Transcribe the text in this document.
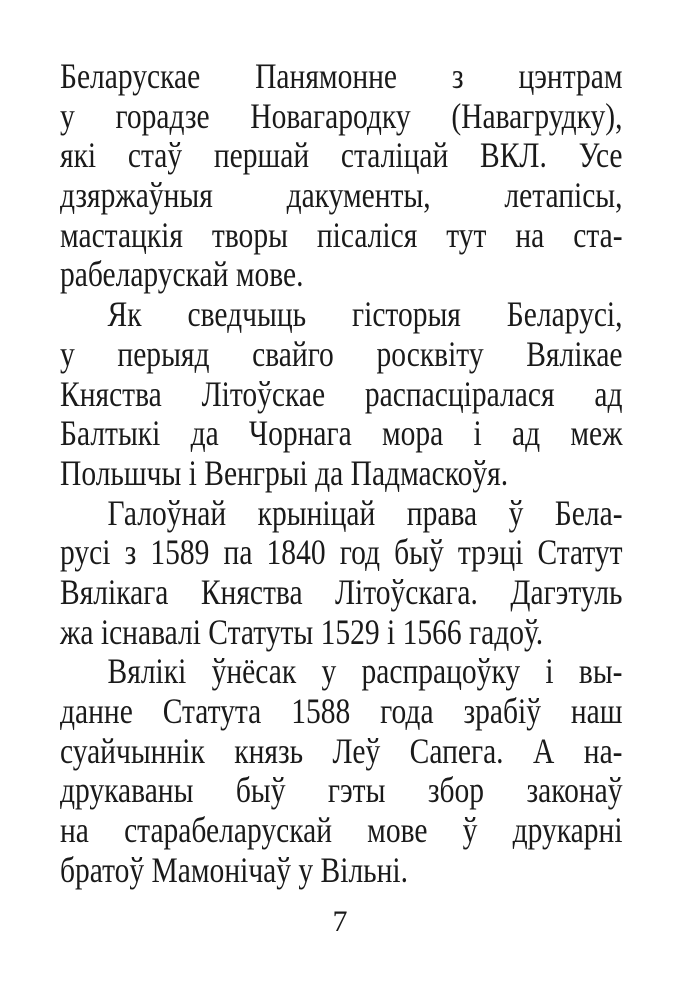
Беларускае Панямонне з цэнтрам
у горадзе Новагародку (Навагрудку),
які стаў першай сталіцай ВКЛ. Усе
дзяржаўныя дакументы, летапісы,
мастацкія творы пісаліся тут на ста-
рабеларускай мове.
Як сведчыць гісторыя Беларусі,
у перыяд свайго росквіту Вялікае
Княства Літоўскае распасціралася ад
Балтыкі да Чорнага мора і ад меж
Польшчы і Венгрыі да Падмаскоўя.
Галоўнай крыніцай права ў Бела-
русі з 1589 па 1840 год быў трэці Статут
Вялікага Княства Літоўскага. Дагэтуль
жа існавалі Статуты 1529 і 1566 гадоў.
Вялікі ўнёсак у распрацоўку і вы-
данне Статута 1588 года зрабіў наш
суайчыннік князь Леў Сапега. А на-
друкаваны быў гэты збор законаў
на старабеларускай мове ў друкарні
братоў Мамонічаў у Вільні.
7
